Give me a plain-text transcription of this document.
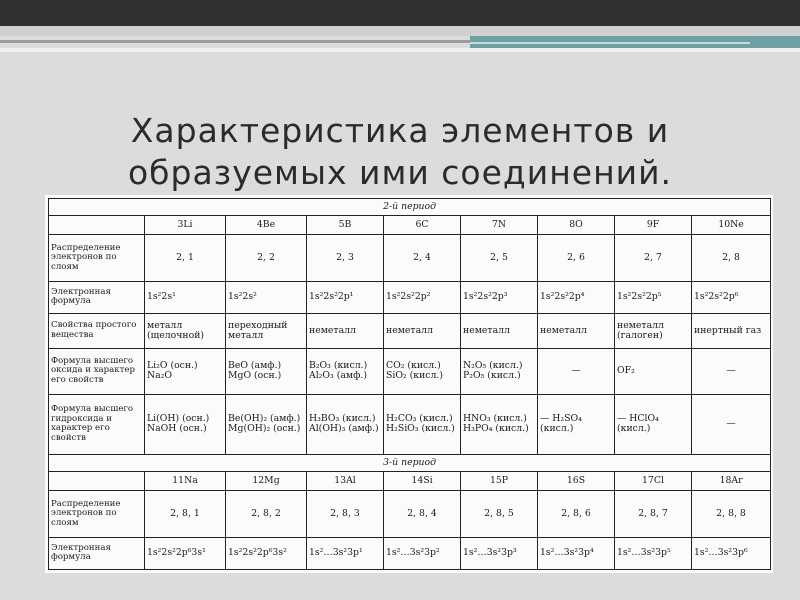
Характеристика элементов и
образуемых ими соединений.
2-й период								
	3Li	4Be	5B	6C	7N	8O	9F	10Ne
Распределение электронов по слоям	2, 1	2, 2	2, 3	2, 4	2, 5	2, 6	2, 7	2, 8
Электронная формула	1s²2s¹	1s²2s²	1s²2s²2p¹	1s²2s²2p²	1s²2s²2p³	1s²2s²2p⁴	1s²2s²2p⁵	1s²2s²2p⁶
Свойства простого вещества	металл (щелочной)	переходный металл	неметалл	неметалл	неметалл	неметалл	неметалл (галоген)	инертный газ
Формула высшего оксида и характер его свойств	Li₂O (осн.) Na₂O	BeO (амф.) MgO (осн.)	B₂O₃ (кисл.) Al₂O₃ (амф.)	CO₂ (кисл.) SiO₂ (кисл.)	N₂O₅ (кисл.) P₂O₅ (кисл.)	—	OF₂	—
Формула высшего гидроксида и характер его свойств	Li(OH) (осн.) NaOH (осн.)	Be(OH)₂ (амф.) Mg(OH)₂ (осн.)	H₃BO₃ (кисл.) Al(OH)₃ (амф.)	H₂CO₃ (кисл.) H₂SiO₃ (кисл.)	HNO₃ (кисл.) H₃PO₄ (кисл.)	— H₂SO₄ (кисл.)	— HClO₄ (кисл.)	—
3-й период								
	11Na	12Mg	13Al	14Si	15P	16S	17Cl	18Ar
Распределение электронов по слоям	2, 8, 1	2, 8, 2	2, 8, 3	2, 8, 4	2, 8, 5	2, 8, 6	2, 8, 7	2, 8, 8
Электронная формула	1s²2s²2p⁶3s¹	1s²2s²2p⁶3s²	1s²…3s²3p¹	1s²…3s²3p²	1s²…3s²3p³	1s²…3s²3p⁴	1s²…3s²3p⁵	1s²…3s²3p⁶
